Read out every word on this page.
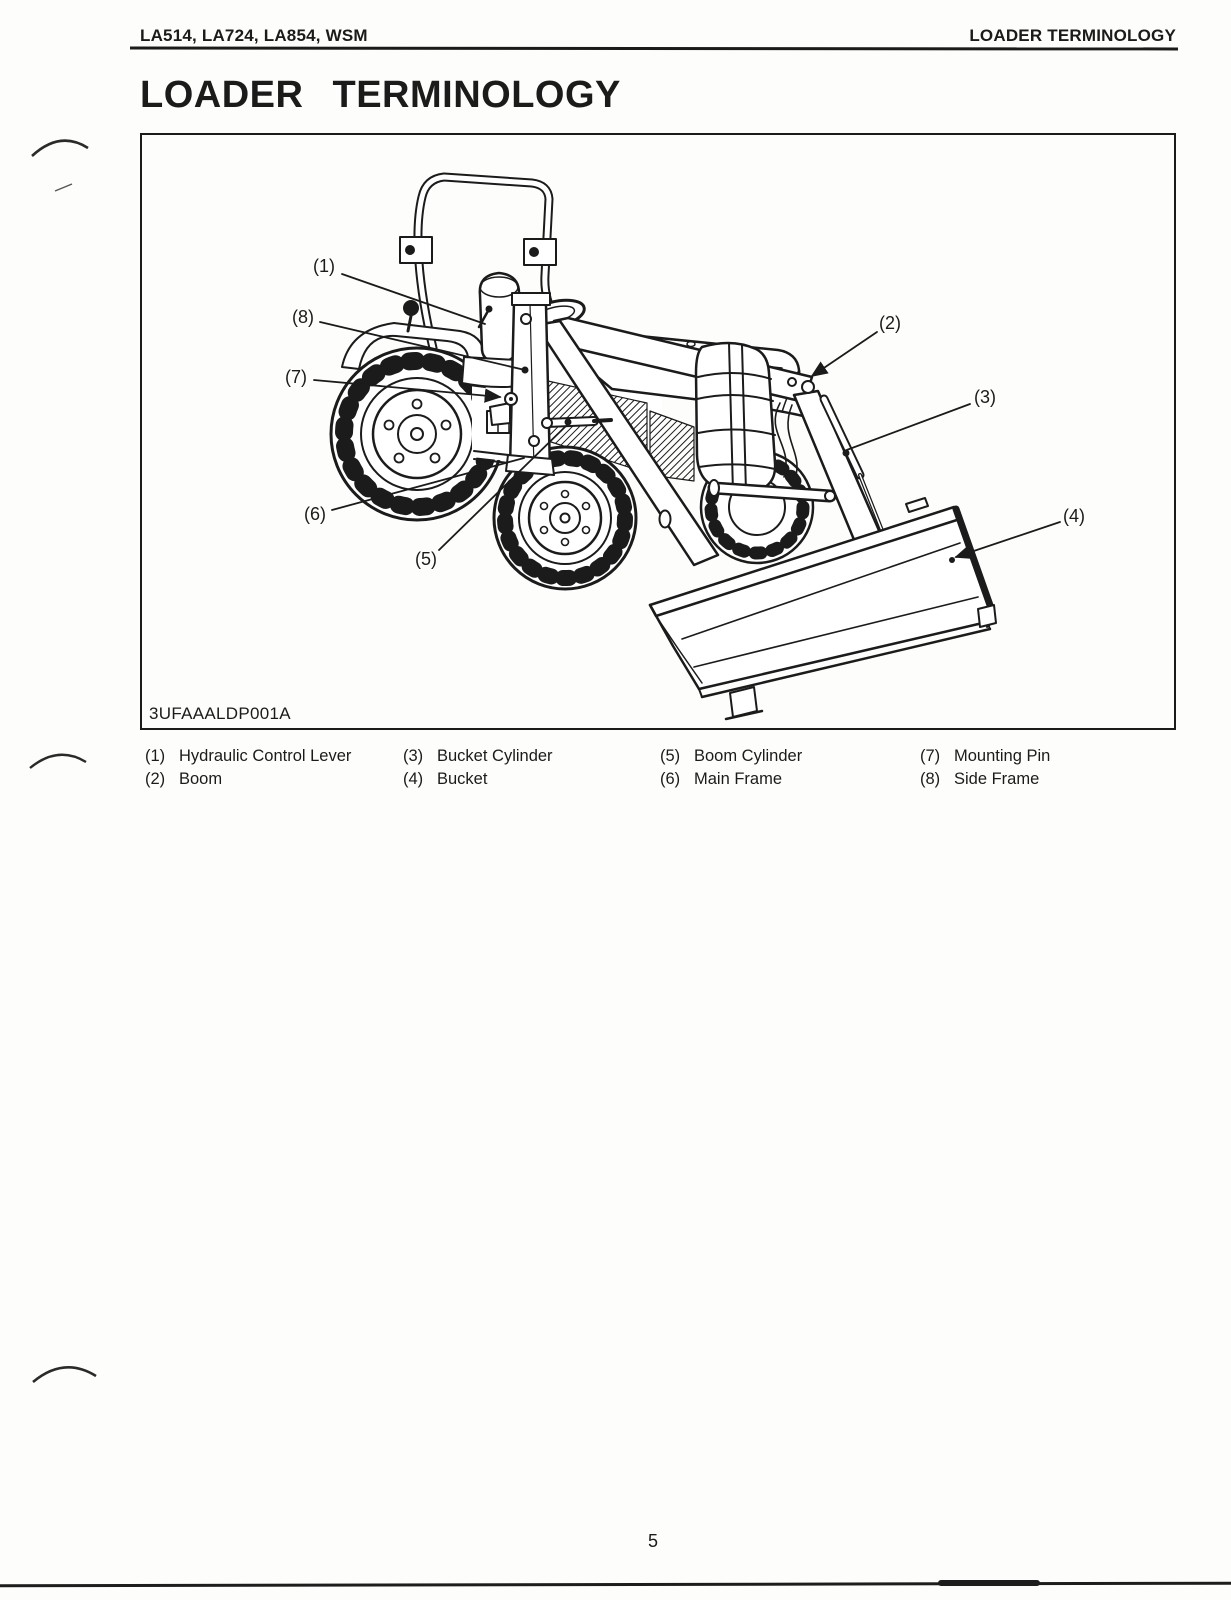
LA514, LA724, LA854, WSM	LOADER TERMINOLOGY
LOADER TERMINOLOGY
(1)
(8)
(7)
(6)
(5)
(2)
(3)
(4)
3UFAAALDP001A
(1) Hydraulic Control Lever
(2) Boom
(3) Bucket Cylinder
(4) Bucket
(5) Boom Cylinder
(6) Main Frame
(7) Mounting Pin
(8) Side Frame
5
